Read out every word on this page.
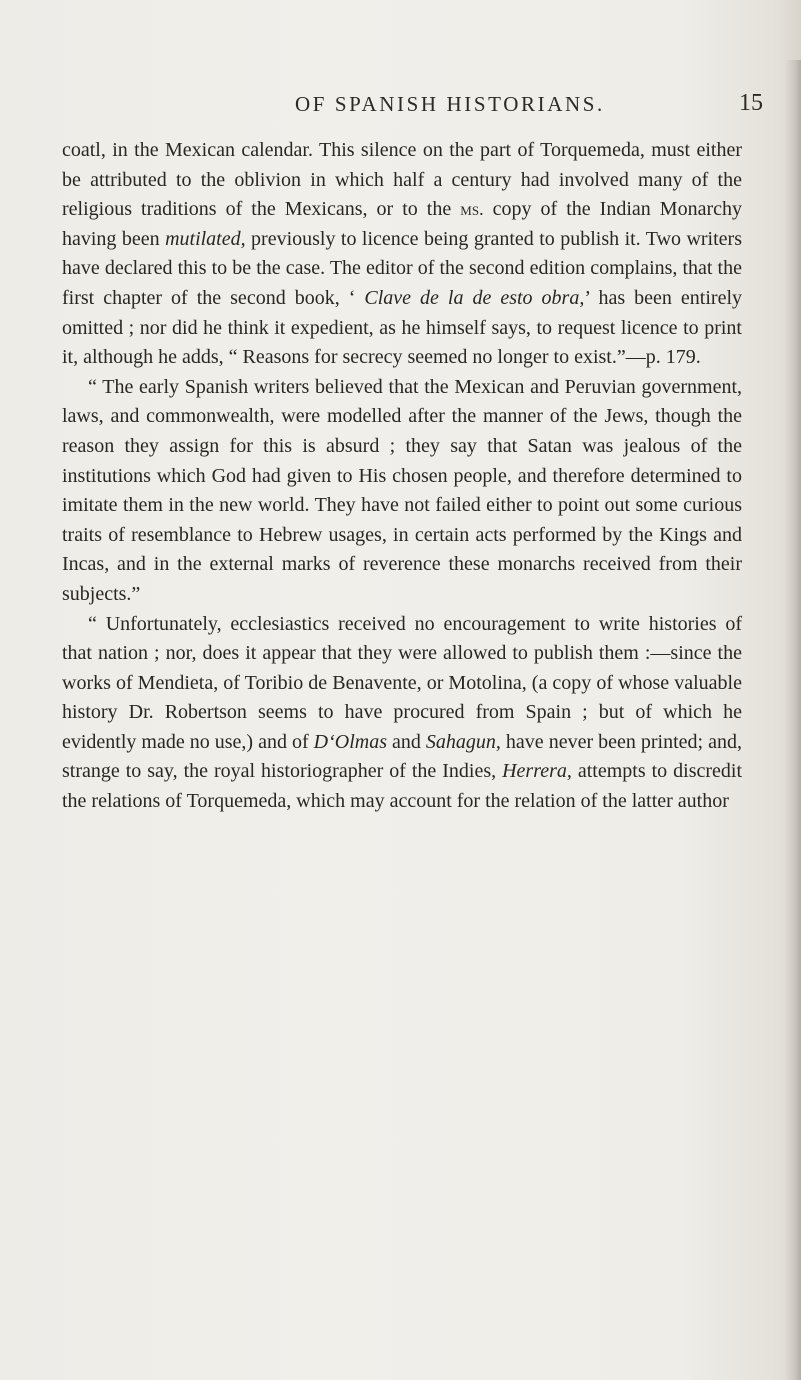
OF SPANISH HISTORIANS.	15

coatl, in the Mexican calendar. This silence on the part of Torquemeda, must either be attributed to the oblivion in which half a century had involved many of the religious traditions of the Mexicans, or to the ms. copy of the Indian Monarchy having been mutilated, previously to licence being granted to publish it. Two writers have declared this to be the case. The editor of the second edition complains, that the first chapter of the second book, ‘ Clave de la de esto obra,’ has been entirely omitted ; nor did he think it expedient, as he himself says, to request licence to print it, although he adds, “ Reasons for secrecy seemed no longer to exist.”—p. 179.

“ The early Spanish writers believed that the Mexican and Peruvian government, laws, and commonwealth, were modelled after the manner of the Jews, though the reason they assign for this is absurd ; they say that Satan was jealous of the institutions which God had given to His chosen people, and therefore determined to imitate them in the new world. They have not failed either to point out some curious traits of resemblance to Hebrew usages, in certain acts performed by the Kings and Incas, and in the external marks of reverence these monarchs received from their subjects.”

“ Unfortunately, ecclesiastics received no encouragement to write histories of that nation ; nor, does it appear that they were allowed to publish them :—since the works of Mendieta, of Toribio de Benavente, or Motolina, (a copy of whose valuable history Dr. Robertson seems to have procured from Spain ; but of which he evidently made no use,) and of D‘Olmas and Sahagun, have never been printed; and, strange to say, the royal historiographer of the Indies, Herrera, attempts to discredit the relations of Torquemeda, which may account for the relation of the latter author
